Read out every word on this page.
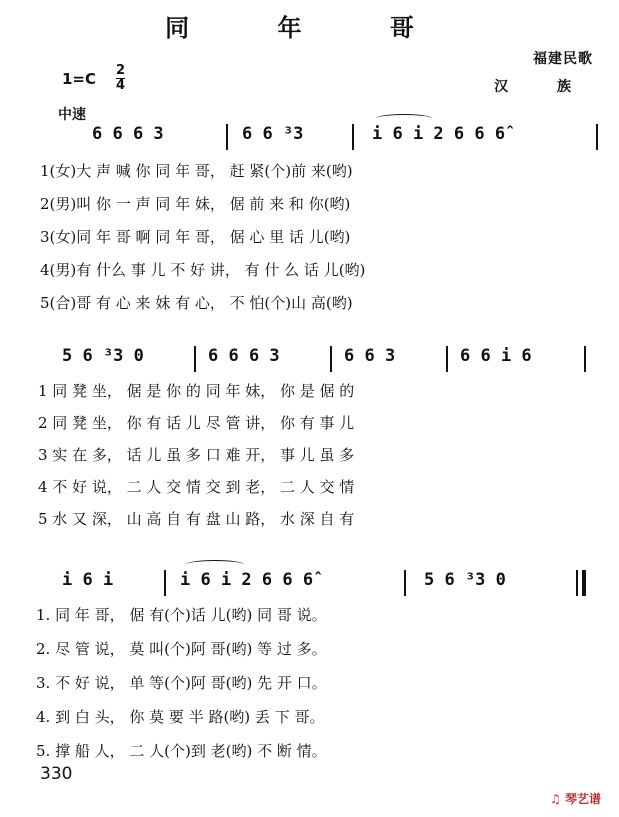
同 年 哥
福建民歌
汉 族
$1=C \frac{2}{4}$
中速
6 6 6 3	6 6 ³3	i 6 i 2 6 6 6̂
1(女)大 声 喊 你 同 年 哥， 赶 紧(个)前 来(哟)
2(男)叫 你 一 声 同 年 妹， 倨 前 来 和 你(哟)
3(女)同 年 哥 啊 同 年 哥， 倨 心 里 话 儿(哟)
4(男)有 什么 事 儿 不 好 讲， 有 什 么 话 儿(哟)
5(合)哥 有 心 来 妹 有 心， 不 怕(个)山 高(哟)
5 6 ³3 0	6 6 6 3	6 6 3	6 6 i 6
1 同 凳 坐， 倨 是 你 的 同 年 妹， 你 是 倨 的
2 同 凳 坐， 你 有 话 儿 尽 管 讲， 你 有 事 儿
3 实 在 多， 话 儿 虽 多 口 难 开， 事 儿 虽 多
4 不 好 说， 二 人 交 情 交 到 老， 二 人 交 情
5 水 又 深， 山 高 自 有 盘 山 路， 水 深 自 有
i 6 i	i 6 i 2 6 6 6̂	5 6 ³3 0
1. 同 年 哥， 倨 有(个)话 儿(哟) 同 哥 说。
2. 尽 管 说， 莫 叫(个)阿 哥(哟) 等 过 多。
3. 不 好 说， 单 等(个)阿 哥(哟) 先 开 口。
4. 到 白 头， 你 莫 要 半 路(哟) 丢 下 哥。
5. 撑 船 人， 二 人(个)到 老(哟) 不 断 情。
330
♫ 琴艺谱
